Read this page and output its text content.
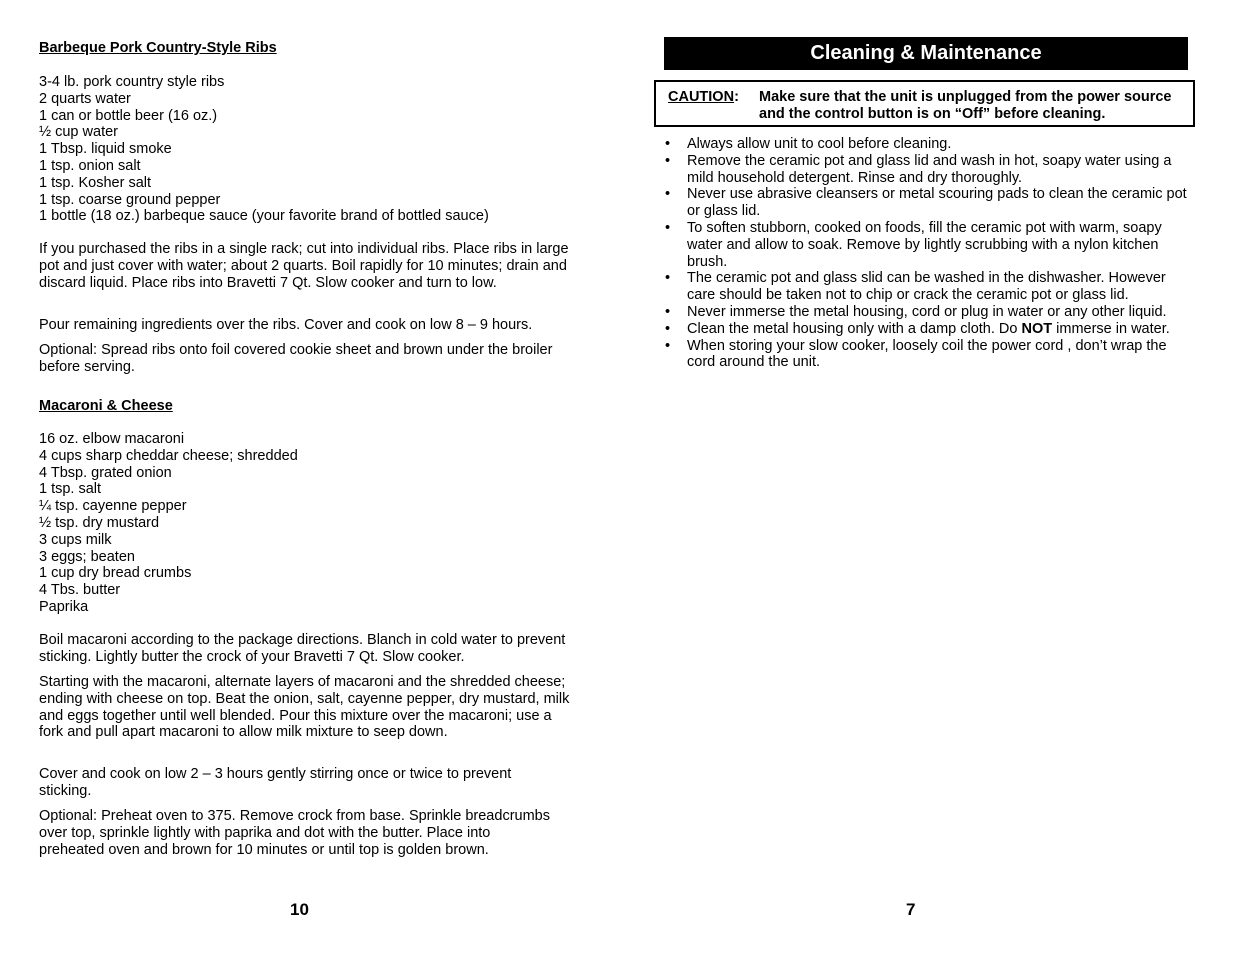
Barbeque Pork Country-Style Ribs
3-4 lb. pork country style ribs
2 quarts water
1 can or bottle beer (16 oz.)
½ cup water
1 Tbsp. liquid smoke
1 tsp. onion salt
1 tsp. Kosher salt
1 tsp. coarse ground pepper
1 bottle (18 oz.) barbeque sauce (your favorite brand of bottled sauce)

If you purchased the ribs in a single rack; cut into individual ribs. Place ribs in large pot and just cover with water; about 2 quarts. Boil rapidly for 10 minutes; drain and discard liquid. Place ribs into Bravetti 7 Qt. Slow cooker and turn to low.

Pour remaining ingredients over the ribs. Cover and cook on low 8 – 9 hours.

Optional: Spread ribs onto foil covered cookie sheet and brown under the broiler before serving.

Macaroni & Cheese
16 oz. elbow macaroni
4 cups sharp cheddar cheese; shredded
4 Tbsp. grated onion
1 tsp. salt
¼ tsp. cayenne pepper
½ tsp. dry mustard
3 cups milk
3 eggs; beaten
1 cup dry bread crumbs
4 Tbs. butter
Paprika

Boil macaroni according to the package directions. Blanch in cold water to prevent sticking. Lightly butter the crock of your Bravetti 7 Qt. Slow cooker.

Starting with the macaroni, alternate layers of macaroni and the shredded cheese; ending with cheese on top. Beat the onion, salt, cayenne pepper, dry mustard, milk and eggs together until well blended. Pour this mixture over the macaroni; use a fork and pull apart macaroni to allow milk mixture to seep down.

Cover and cook on low 2 – 3 hours gently stirring once or twice to prevent sticking.

Optional: Preheat oven to 375. Remove crock from base. Sprinkle breadcrumbs over top, sprinkle lightly with paprika and dot with the butter. Place into preheated oven and brown for 10 minutes or until top is golden brown.

10
Cleaning & Maintenance
CAUTION: Make sure that the unit is unplugged from the power source and the control button is on “Off” before cleaning.
• Always allow unit to cool before cleaning.
• Remove the ceramic pot and glass lid and wash in hot, soapy water using a mild household detergent. Rinse and dry thoroughly.
• Never use abrasive cleansers or metal scouring pads to clean the ceramic pot or glass lid.
• To soften stubborn, cooked on foods, fill the ceramic pot with warm, soapy water and allow to soak. Remove by lightly scrubbing with a nylon kitchen brush.
• The ceramic pot and glass slid can be washed in the dishwasher. However care should be taken not to chip or crack the ceramic pot or glass lid.
• Never immerse the metal housing, cord or plug in water or any other liquid.
• Clean the metal housing only with a damp cloth. Do NOT immerse in water.
• When storing your slow cooker, loosely coil the power cord , don’t wrap the cord around the unit.
7
